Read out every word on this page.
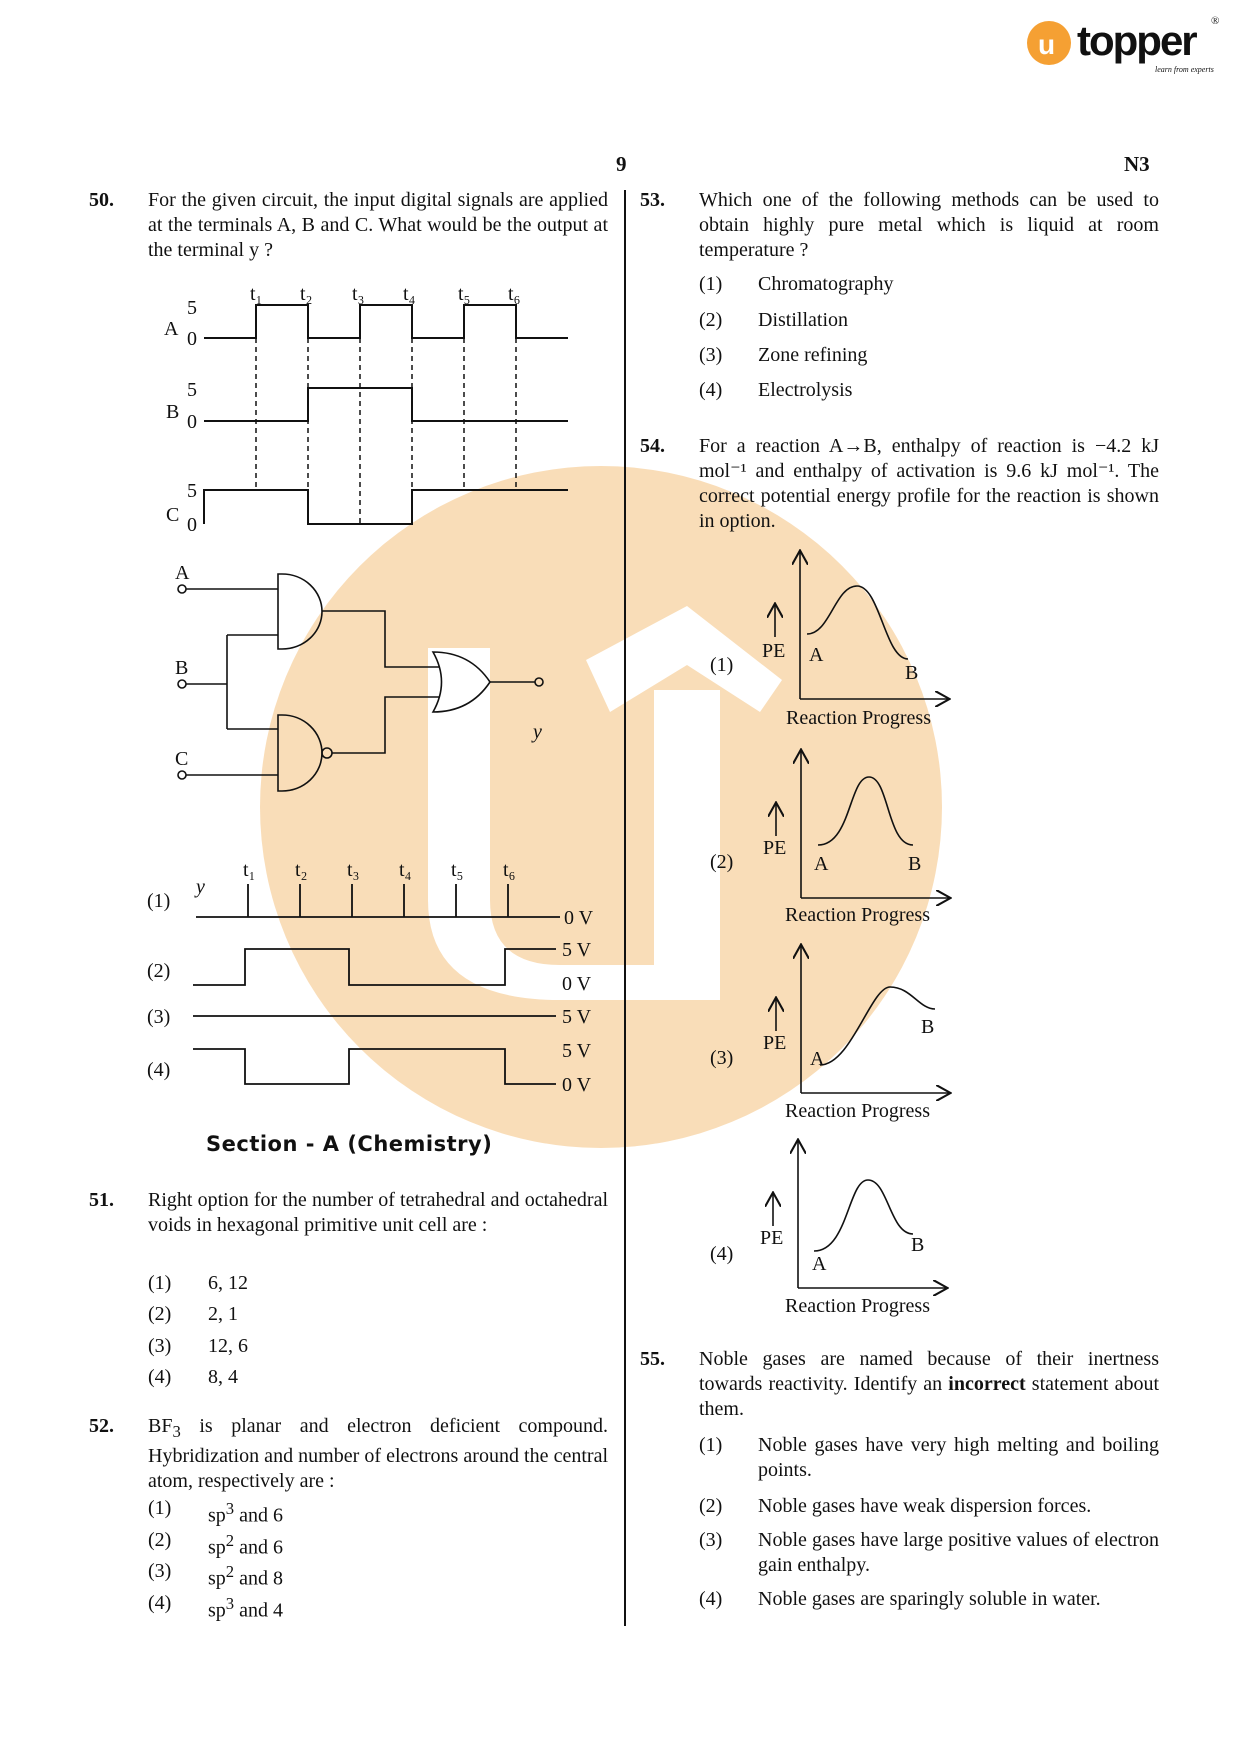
u topper ®
learn from experts
9	N3
50. For the given circuit, the input digital signals are applied at the terminals A, B and C. What would be the output at the terminal y ?
t₁ t₂ t₃ t₄ t₅ t₆
A
5
0
B
5
0
C
5
0
A
B
C
y
(1)
y
t₁ t₂ t₃ t₄ t₅ t₆
0 V
(2)
5 V
0 V
(3)	5 V
(4)
5 V
0 V
Section - A (Chemistry)
51. Right option for the number of tetrahedral and octahedral voids in hexagonal primitive unit cell are :
(1) 6, 12
(2) 2, 1
(3) 12, 6
(4) 8, 4
52. $BF_3$ is planar and electron deficient compound. Hybridization and number of electrons around the central atom, respectively are :
(1) $sp^3$ and 6
(2) $sp^2$ and 6
(3) $sp^2$ and 8
(4) $sp^3$ and 4
53. Which one of the following methods can be used to obtain highly pure metal which is liquid at room temperature ?
(1) Chromatography
(2) Distillation
(3) Zone refining
(4) Electrolysis
54. For a reaction A→B, enthalpy of reaction is −4.2 kJ mol⁻¹ and enthalpy of activation is 9.6 kJ mol⁻¹. The correct potential energy profile for the reaction is shown in option.
(1)
PE A
B
Reaction Progress
(2)
PE
A	B
Reaction Progress
(3)
PE
A
B
Reaction Progress
(4)
PE
A
B
Reaction Progress
55. Noble gases are named because of their inertness towards reactivity. Identify an incorrect statement about them.
(1) Noble gases have very high melting and boiling points.
(2) Noble gases have weak dispersion forces.
(3) Noble gases have large positive values of electron gain enthalpy.
(4) Noble gases are sparingly soluble in water.
